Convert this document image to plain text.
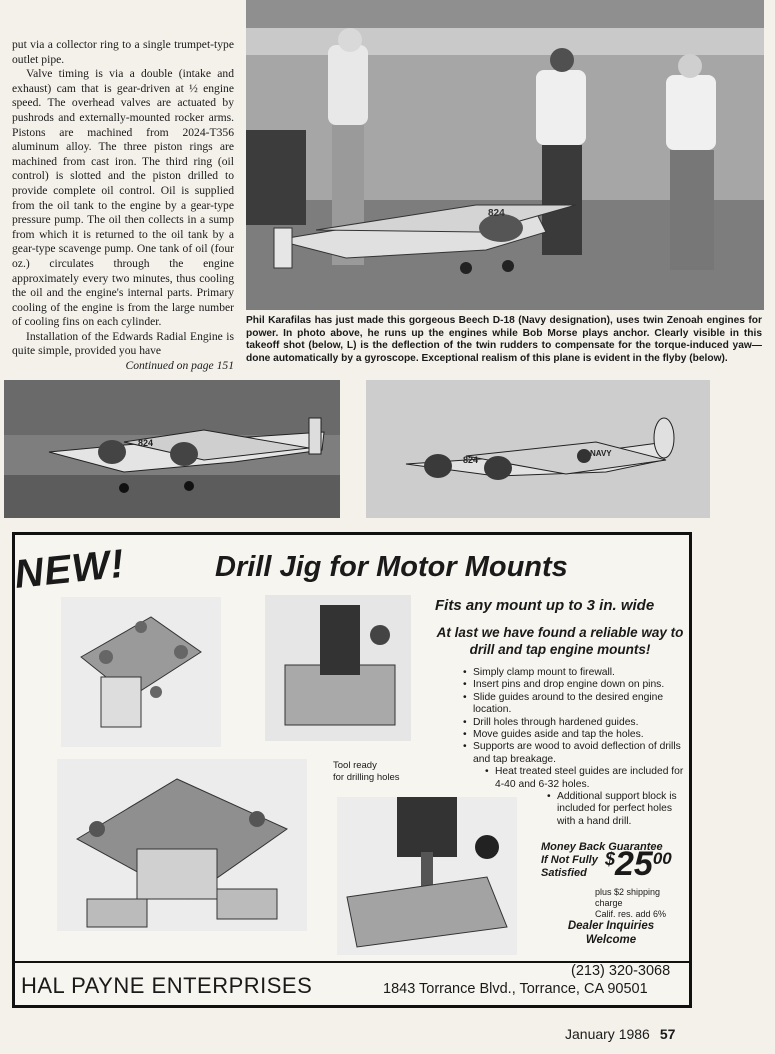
put via a collector ring to a single trumpet-type outlet pipe.

Valve timing is via a double (intake and exhaust) cam that is gear-driven at ½ engine speed. The overhead valves are actuated by pushrods and externally-mounted rocker arms. Pistons are machined from 2024-T356 aluminum alloy. The three piston rings are machined from cast iron. The third ring (oil control) is slotted and the piston drilled to provide complete oil control. Oil is supplied from the oil tank to the engine by a gear-type pressure pump. The oil then collects in a sump from which it is returned to the oil tank by a gear-type scavenge pump. One tank of oil (four oz.) circulates through the engine approximately every two minutes, thus cooling the oil and the engine's internal parts. Primary cooling of the engine is from the large number of cooling fins on each cylinder.

Installation of the Edwards Radial Engine is quite simple, provided you have

Continued on page 151

824
Phil Karafilas has just made this gorgeous Beech D-18 (Navy designation), uses twin Zenoah engines for power. In photo above, he runs up the engines while Bob Morse plays anchor. Clearly visible in this takeoff shot (below, L) is the deflection of the twin rudders to compensate for the torque-induced yaw—done automatically by a gyroscope. Exceptional realism of this plane is evident in the flyby (below).
824
824
NAVY
NEW!	Drill Jig for Motor Mounts
Fits any mount up to 3 in. wide
At last we have found a reliable way to drill and tap engine mounts!
• Simply clamp mount to firewall.
• Insert pins and drop engine down on pins.
• Slide guides around to the desired engine location.
• Drill holes through hardened guides.
• Move guides aside and tap the holes.
• Supports are wood to avoid deflection of drills and tap breakage.
• Heat treated steel guides are included for 4-40 and 6-32 holes.
• Additional support block is included for perfect holes with a hand drill.
Tool ready
for drilling holes
Money Back Guarantee
If Not Fully
Satisfied
$2500
plus $2 shipping charge
Calif. res. add 6%
Dealer Inquiries
Welcome
HAL PAYNE ENTERPRISES
(213) 320-3068
1843 Torrance Blvd., Torrance, CA 90501
January 1986 57
